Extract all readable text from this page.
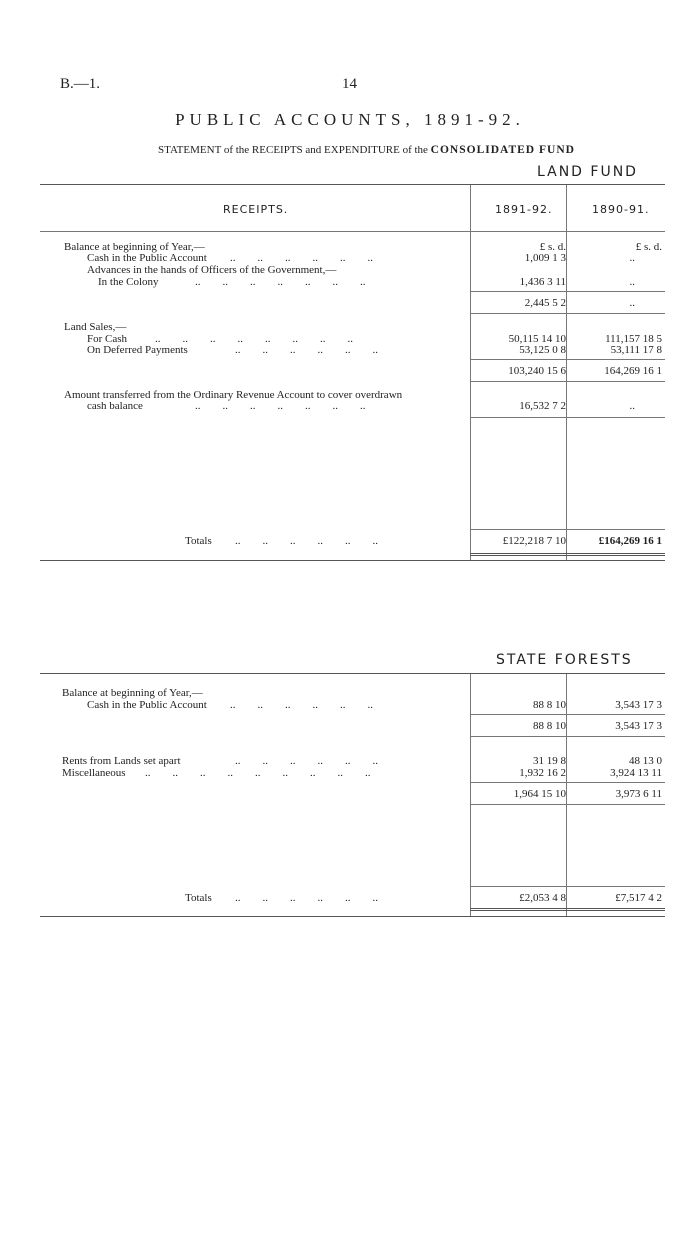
B.—1.	14
PUBLIC ACCOUNTS, 1891-92.
STATEMENT of the RECEIPTS and EXPENDITURE of the CONSOLIDATED FUND
LAND FUND
RECEIPTS.	1891-92.	1890-91.
£ s. d.	£ s. d.
Balance at beginning of Year,—
Cash in the Public Account ..        ..        ..        ..        ..        ..	1,009 1 3	..
Advances in the hands of Officers of the Government,—
In the Colony	..        ..        ..        ..        ..        ..        ..	1,436 3 11	..
2,445 5 2	..
Land Sales,—
For Cash	..        ..        ..        ..        ..        ..        ..        ..	50,115 14 10	111,157 18 5
On Deferred Payments	..        ..        ..        ..        ..        ..	53,125 0 8	53,111 17 8
103,240 15 6	164,269 16 1
Amount transferred from the Ordinary Revenue Account to cover overdrawn
cash balance	..        ..        ..        ..        ..        ..        ..	16,532 7 2	..
Totals ..        ..        ..        ..        ..        ..	£122,218 7 10	£164,269 16 1
STATE FORESTS
Balance at beginning of Year,—
Cash in the Public Account ..        ..        ..        ..        ..        ..	88 8 10	3,543 17 3
88 8 10	3,543 17 3
Rents from Lands set apart	..        ..        ..        ..        ..        ..	31 19 8	48 13 0
Miscellaneous ..        ..        ..        ..        ..        ..        ..        ..        ..	1,932 16 2	3,924 13 11
1,964 15 10	3,973 6 11
Totals ..        ..        ..        ..        ..        ..	£2,053 4 8	£7,517 4 2
